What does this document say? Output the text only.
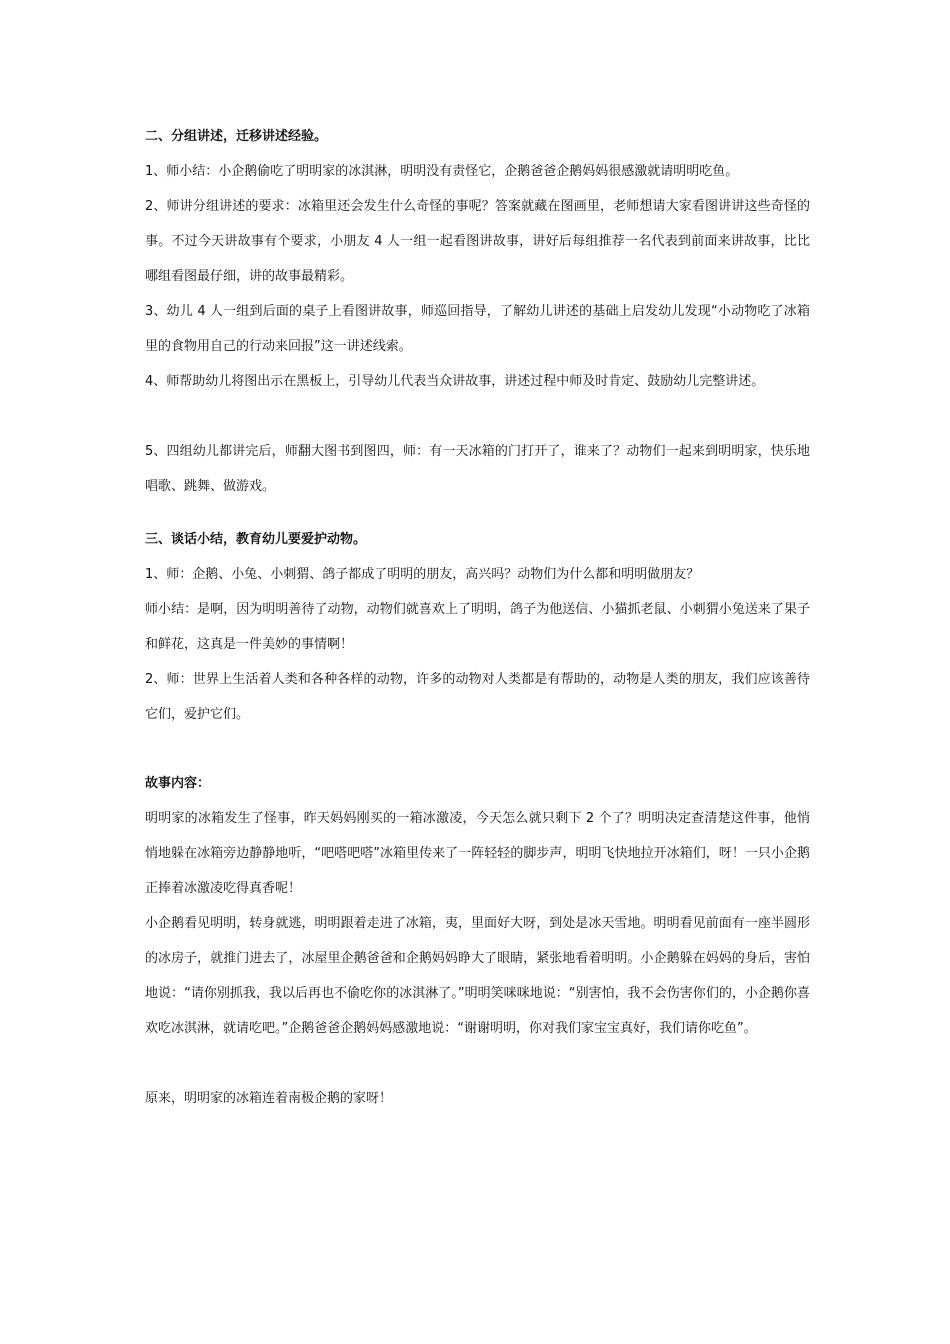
二、分组讲述，迁移讲述经验。
1、师小结：小企鹅偷吃了明明家的冰淇淋，明明没有责怪它，企鹅爸爸企鹅妈妈很感激就请明明吃鱼。
2、师讲分组讲述的要求：冰箱里还会发生什么奇怪的事呢？答案就藏在图画里，老师想请大家看图讲讲这些奇怪的事。不过今天讲故事有个要求，小朋友 4 人一组一起看图讲故事，讲好后每组推荐一名代表到前面来讲故事，比比哪组看图最仔细，讲的故事最精彩。
3、幼儿 4 人一组到后面的桌子上看图讲故事，师巡回指导，了解幼儿讲述的基础上启发幼儿发现“小动物吃了冰箱里的食物用自己的行动来回报”这一讲述线索。
4、师帮助幼儿将图出示在黑板上，引导幼儿代表当众讲故事，讲述过程中师及时肯定、鼓励幼儿完整讲述。
5、四组幼儿都讲完后，师翻大图书到图四，师：有一天冰箱的门打开了，谁来了？动物们一起来到明明家，快乐地唱歌、跳舞、做游戏。
三、谈话小结，教育幼儿要爱护动物。
1、师：企鹅、小兔、小刺猬、鸽子都成了明明的朋友，高兴吗？动物们为什么都和明明做朋友？
师小结：是啊，因为明明善待了动物，动物们就喜欢上了明明，鸽子为他送信、小猫抓老鼠、小刺猬小兔送来了果子和鲜花，这真是一件美妙的事情啊！
2、师：世界上生活着人类和各种各样的动物，许多的动物对人类都是有帮助的，动物是人类的朋友，我们应该善待它们，爱护它们。
故事内容：
明明家的冰箱发生了怪事，昨天妈妈刚买的一箱冰激凌，今天怎么就只剩下 2 个了？明明决定查清楚这件事，他悄悄地躲在冰箱旁边静静地听，“吧嗒吧嗒”冰箱里传来了一阵轻轻的脚步声，明明飞快地拉开冰箱们，呀！一只小企鹅正捧着冰激凌吃得真香呢！
小企鹅看见明明，转身就逃，明明跟着走进了冰箱，夷，里面好大呀，到处是冰天雪地。明明看见前面有一座半圆形的冰房子，就推门进去了，冰屋里企鹅爸爸和企鹅妈妈睁大了眼睛，紧张地看着明明。小企鹅躲在妈妈的身后，害怕地说：“请你别抓我，我以后再也不偷吃你的冰淇淋了。”明明笑咪咪地说：“别害怕，我不会伤害你们的，小企鹅你喜欢吃冰淇淋，就请吃吧。”企鹅爸爸企鹅妈妈感激地说：“谢谢明明，你对我们家宝宝真好，我们请你吃鱼”。
原来，明明家的冰箱连着南极企鹅的家呀！
